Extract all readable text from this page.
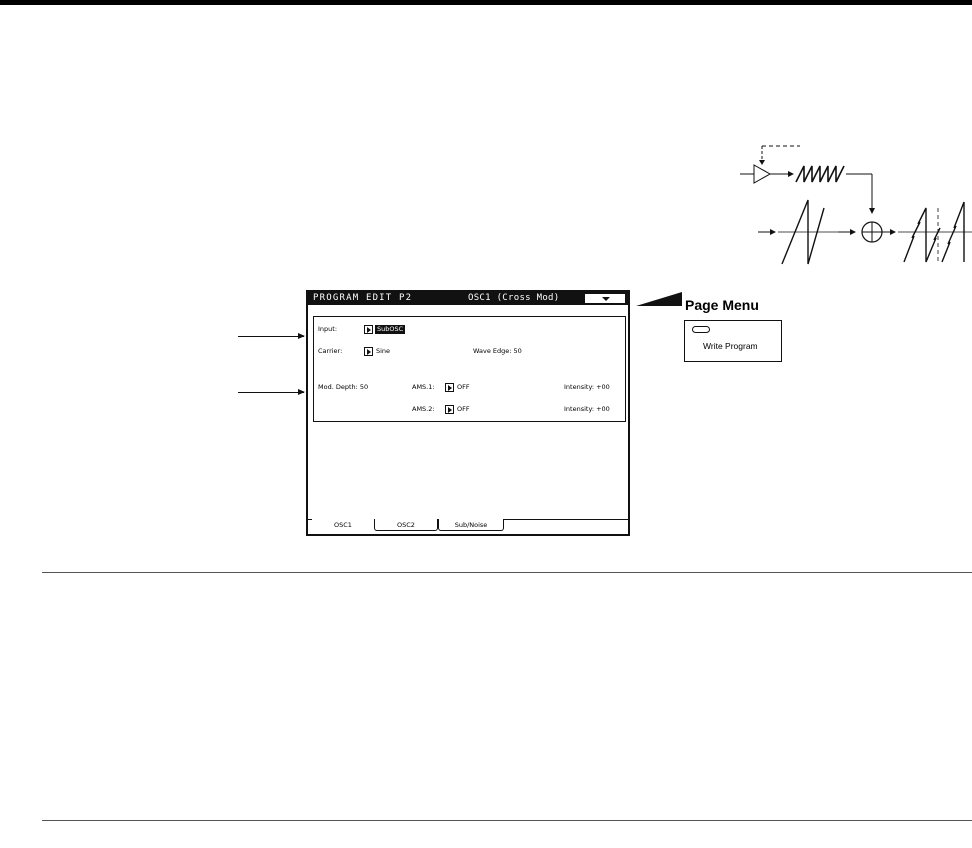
PROGRAM EDIT P2	OSC1 (Cross Mod)
Input:	SubOSC
Carrier:	Sine	Wave Edge: 50
Mod. Depth: 50	AMS.1:	OFF	Intensity: +00
AMS.2:	OFF	Intensity: +00
OSC1	OSC2	Sub/Noise
Page Menu
Write Program
